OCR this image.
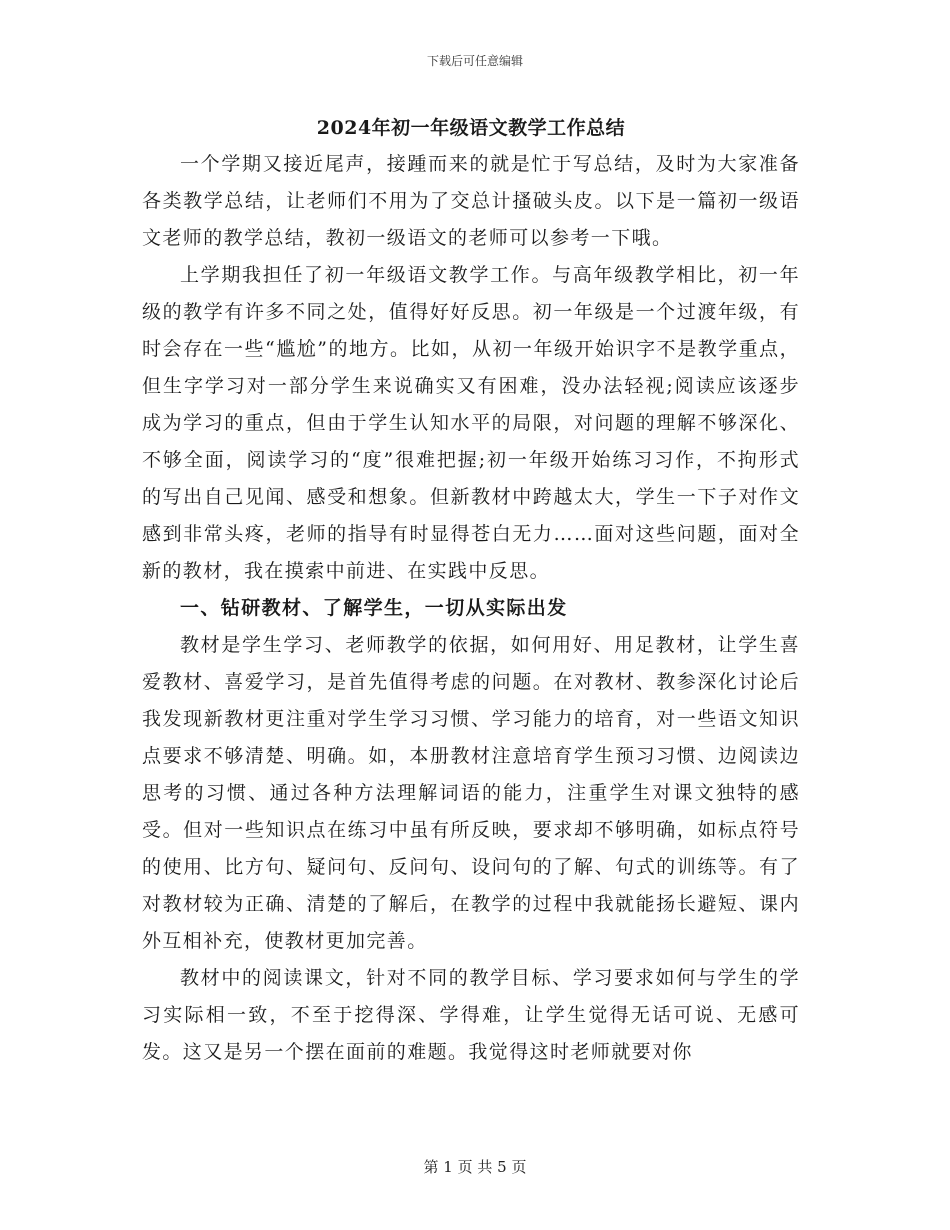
下载后可任意编辑
2024年初一年级语文教学工作总结

一个学期又接近尾声，接踵而来的就是忙于写总结，及时为大家准备各类教学总结，让老师们不用为了交总计搔破头皮。以下是一篇初一级语文老师的教学总结，教初一级语文的老师可以参考一下哦。

上学期我担任了初一年级语文教学工作。与高年级教学相比，初一年级的教学有许多不同之处，值得好好反思。初一年级是一个过渡年级，有时会存在一些“尴尬”的地方。比如，从初一年级开始识字不是教学重点，但生字学习对一部分学生来说确实又有困难，没办法轻视;阅读应该逐步成为学习的重点，但由于学生认知水平的局限，对问题的理解不够深化、不够全面，阅读学习的“度”很难把握;初一年级开始练习习作，不拘形式的写出自己见闻、感受和想象。但新教材中跨越太大，学生一下子对作文感到非常头疼，老师的指导有时显得苍白无力……面对这些问题，面对全新的教材，我在摸索中前进、在实践中反思。

一、钻研教材、了解学生，一切从实际出发

教材是学生学习、老师教学的依据，如何用好、用足教材，让学生喜爱教材、喜爱学习，是首先值得考虑的问题。在对教材、教参深化讨论后我发现新教材更注重对学生学习习惯、学习能力的培育，对一些语文知识点要求不够清楚、明确。如，本册教材注意培育学生预习习惯、边阅读边思考的习惯、通过各种方法理解词语的能力，注重学生对课文独特的感受。但对一些知识点在练习中虽有所反映，要求却不够明确，如标点符号的使用、比方句、疑问句、反问句、设问句的了解、句式的训练等。有了对教材较为正确、清楚的了解后，在教学的过程中我就能扬长避短、课内外互相补充，使教材更加完善。

教材中的阅读课文，针对不同的教学目标、学习要求如何与学生的学习实际相一致，不至于挖得深、学得难，让学生觉得无话可说、无感可发。这又是另一个摆在面前的难题。我觉得这时老师就要对你

第 1 页 共 5 页
